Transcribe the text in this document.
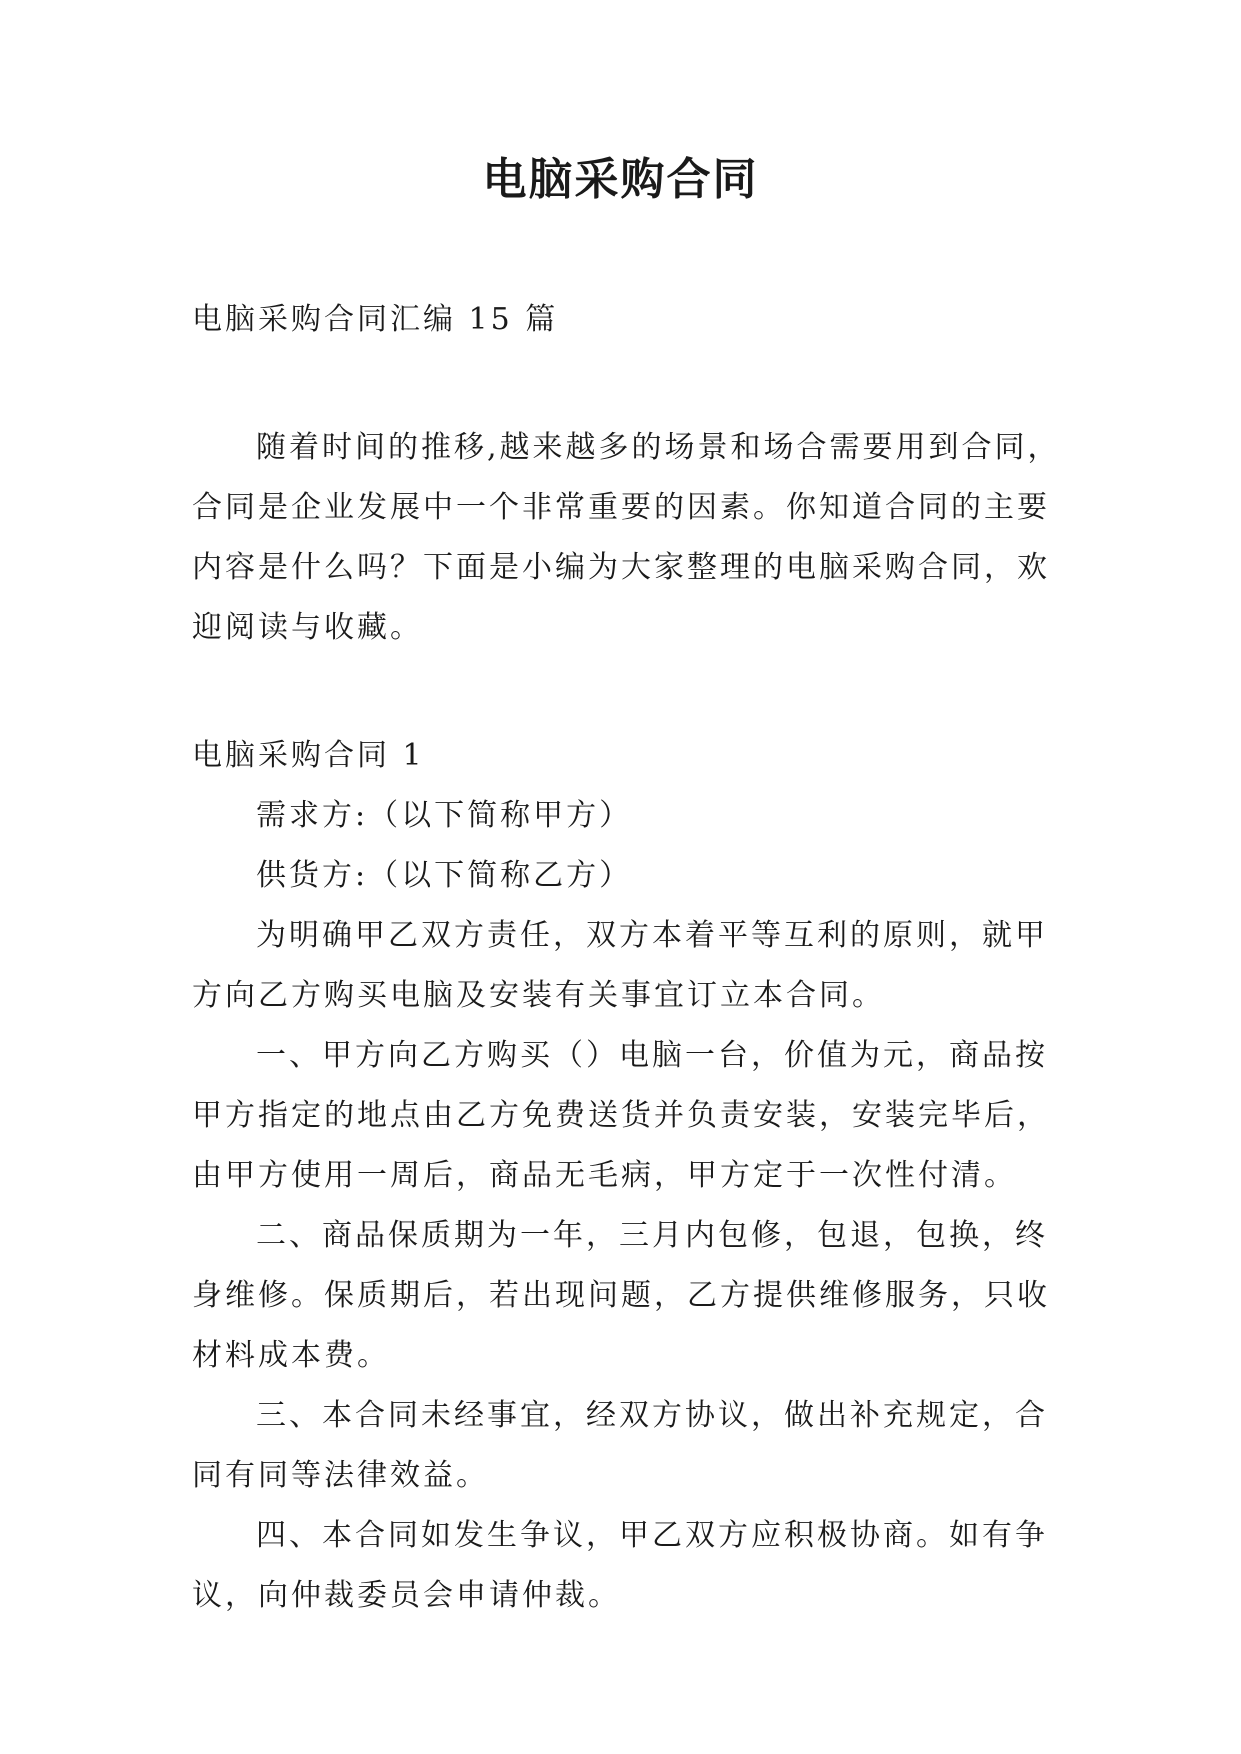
电脑采购合同
电脑采购合同汇编 15 篇
随着时间的推移,越来越多的场景和场合需要用到合同，
合同是企业发展中一个非常重要的因素。你知道合同的主要
内容是什么吗？下面是小编为大家整理的电脑采购合同，欢
迎阅读与收藏。
电脑采购合同 1
需求方:（以下简称甲方）
供货方:（以下简称乙方）
为明确甲乙双方责任，双方本着平等互利的原则，就甲
方向乙方购买电脑及安装有关事宜订立本合同。
一、甲方向乙方购买（）电脑一台，价值为元，商品按
甲方指定的地点由乙方免费送货并负责安装，安装完毕后，
由甲方使用一周后，商品无毛病，甲方定于一次性付清。
二、商品保质期为一年，三月内包修，包退，包换，终
身维修。保质期后，若出现问题，乙方提供维修服务，只收
材料成本费。
三、本合同未经事宜，经双方协议，做出补充规定，合
同有同等法律效益。
四、本合同如发生争议，甲乙双方应积极协商。如有争
议，向仲裁委员会申请仲裁。
